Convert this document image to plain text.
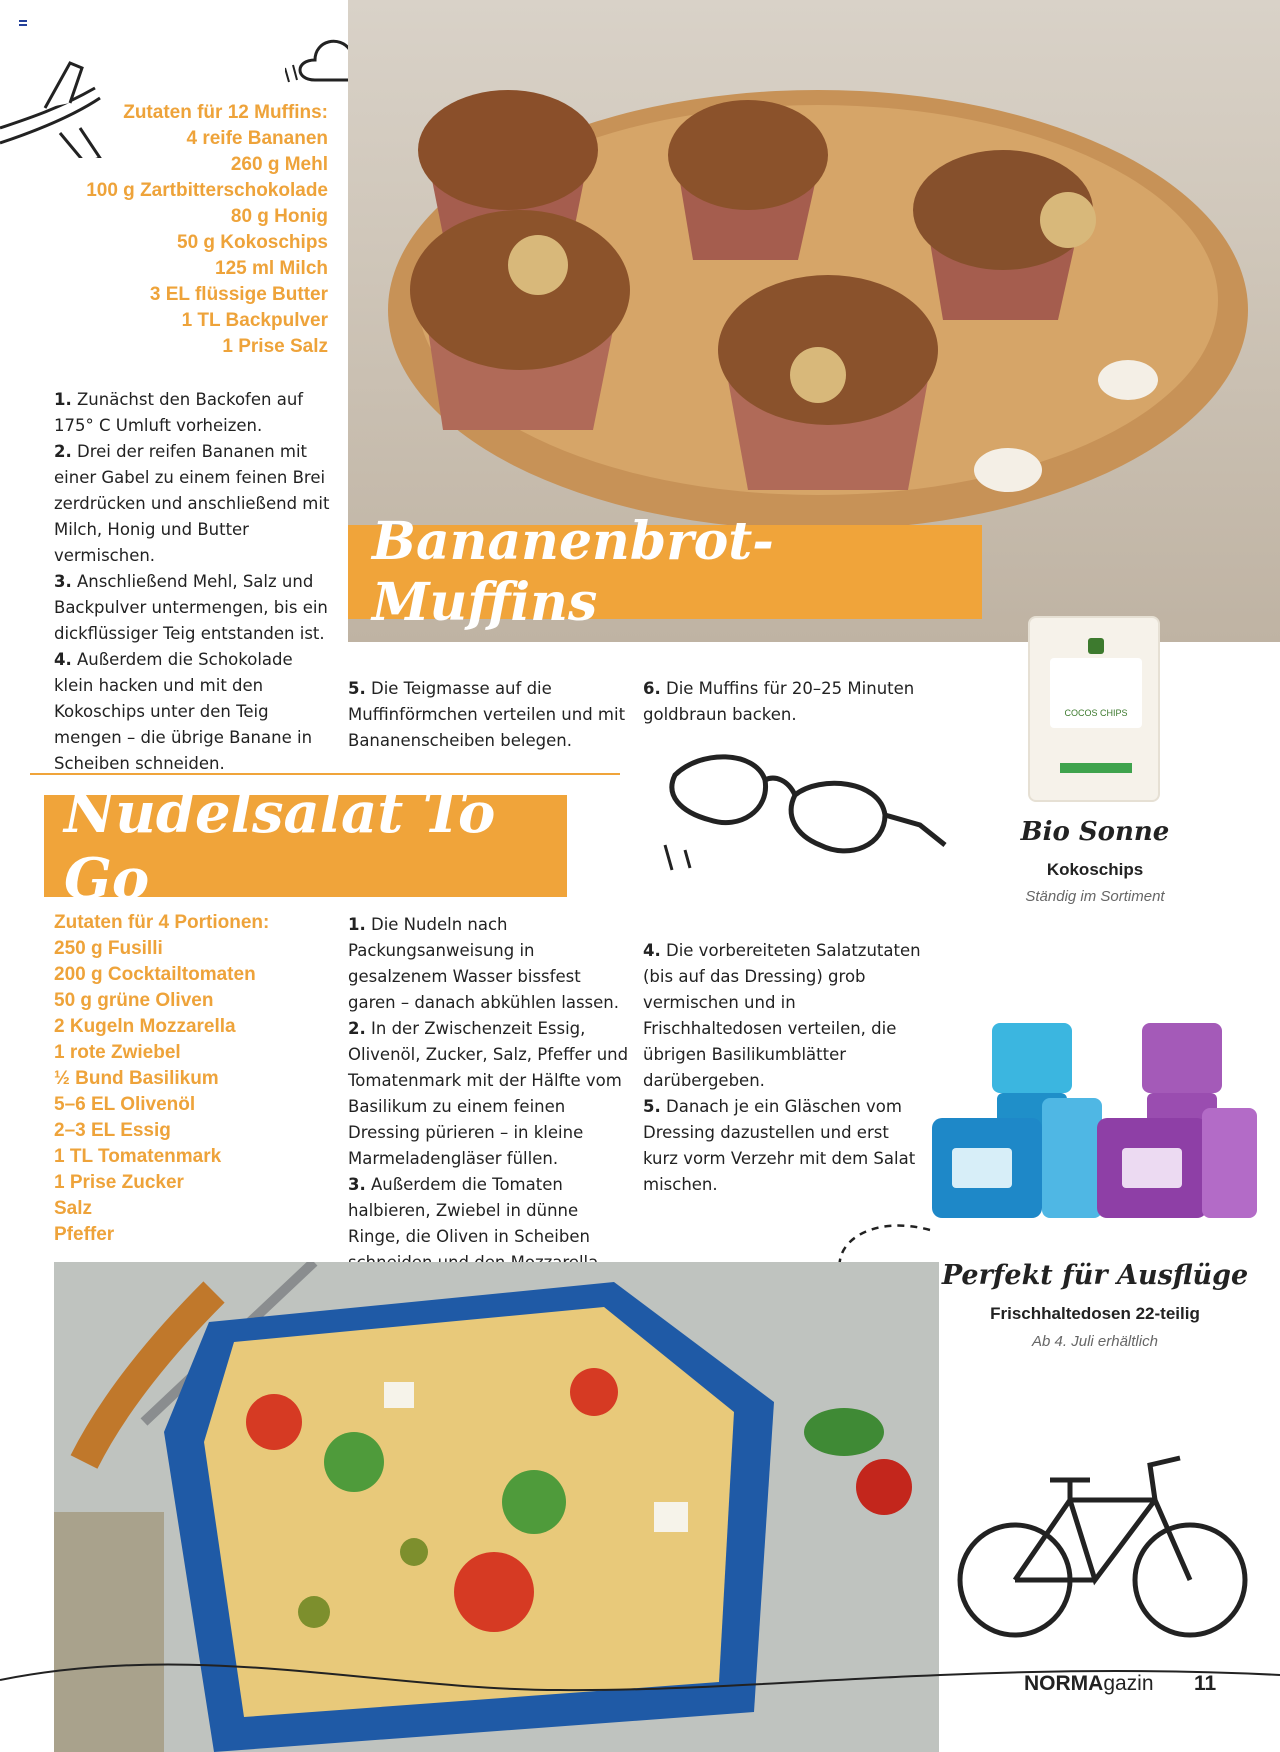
Zutaten für 12 Muffins:
4 reife Bananen
260 g Mehl
100 g Zartbitterschokolade
80 g Honig
50 g Kokoschips
125 ml Milch
3 EL flüssige Butter
1 TL Backpulver
1 Prise Salz

1. Zunächst den Backofen auf 175° C Umluft vorheizen.

2. Drei der reifen Bananen mit einer Gabel zu einem feinen Brei zerdrücken und anschließend mit Milch, Honig und Butter vermischen.

3. Anschließend Mehl, Salz und Backpulver untermengen, bis ein dickflüssiger Teig entstanden ist.

4. Außerdem die Schokolade klein hacken und mit den Kokoschips unter den Teig mengen – die übrige Banane in Scheiben schneiden.

Bananenbrot-Muffins

5. Die Teigmasse auf die Muffinförmchen verteilen und mit Bananenscheiben belegen.

6. Die Muffins für 20–25 Minuten goldbraun backen.	COCOS CHIPS
Bio Sonne
Kokoschips
Ständig im Sortiment
Nudelsalat To Go
Zutaten für 4 Portionen:
250 g Fusilli
200 g Cocktailtomaten
50 g grüne Oliven
2 Kugeln Mozzarella
1 rote Zwiebel
½ Bund Basilikum
5–6 EL Olivenöl
2–3 EL Essig
1 TL Tomatenmark
1 Prise Zucker
Salz
Pfeffer

1. Die Nudeln nach Packungsanweisung in gesalzenem Wasser bissfest garen – danach abkühlen lassen.

2. In der Zwischenzeit Essig, Olivenöl, Zucker, Salz, Pfeffer und Tomatenmark mit der Hälfte vom Basilikum zu einem feinen Dressing pürieren – in kleine Marmeladengläser füllen.

3. Außerdem die Tomaten halbieren, Zwiebel in dünne Ringe, die Oliven in Scheiben

4. Die vorbereiteten Salatzutaten (bis auf das Dressing) grob vermischen und in Frischhaltedosen verteilen, die übrigen Basilikumblätter darübergeben.

5. Danach je ein Gläschen vom Dressing dazustellen und erst kurz vorm Verzehr mit dem Salat mischen.

Perfekt für Ausflüge
Frischhaltedosen 22-teilig
Ab 4. Juli erhältlich
NORMAgazin 11
